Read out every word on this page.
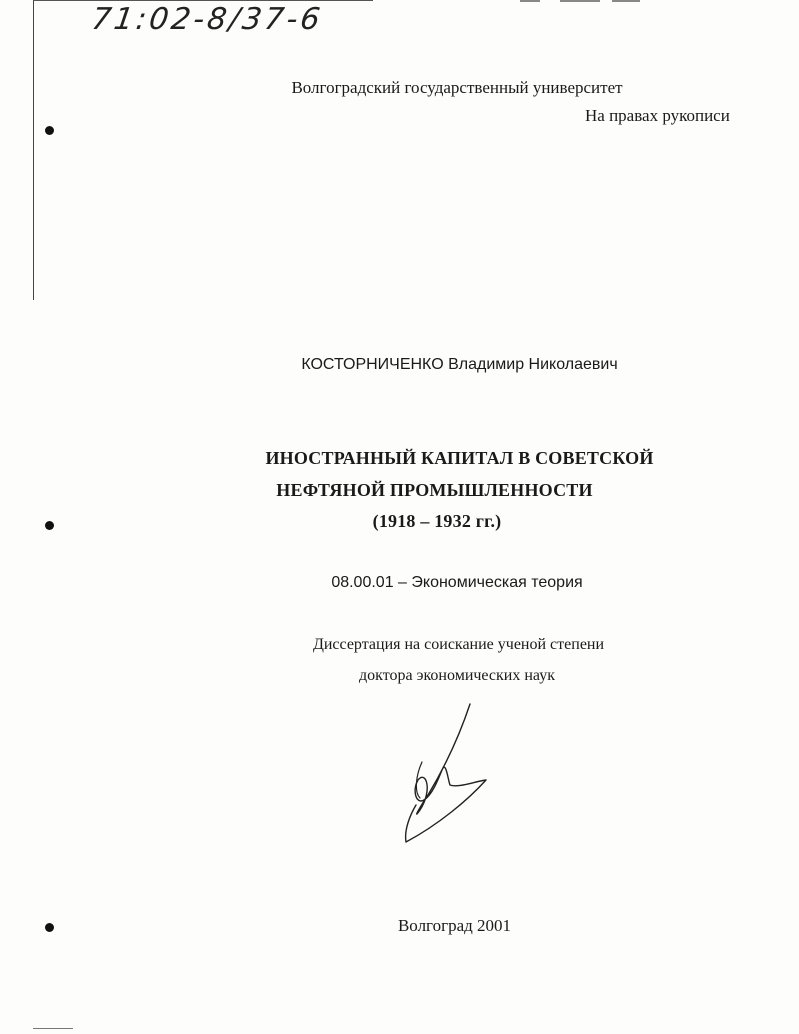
71:02-8/37-6
Волгоградский государственный университет
На правах рукописи
КОСТОРНИЧЕНКО Владимир Николаевич
ИНОСТРАННЫЙ КАПИТАЛ В СОВЕТСКОЙ
НЕФТЯНОЙ ПРОМЫШЛЕННОСТИ
(1918 – 1932 гг.)
08.00.01 – Экономическая теория
Диссертация на соискание ученой степени
доктора экономических наук
Волгоград 2001
